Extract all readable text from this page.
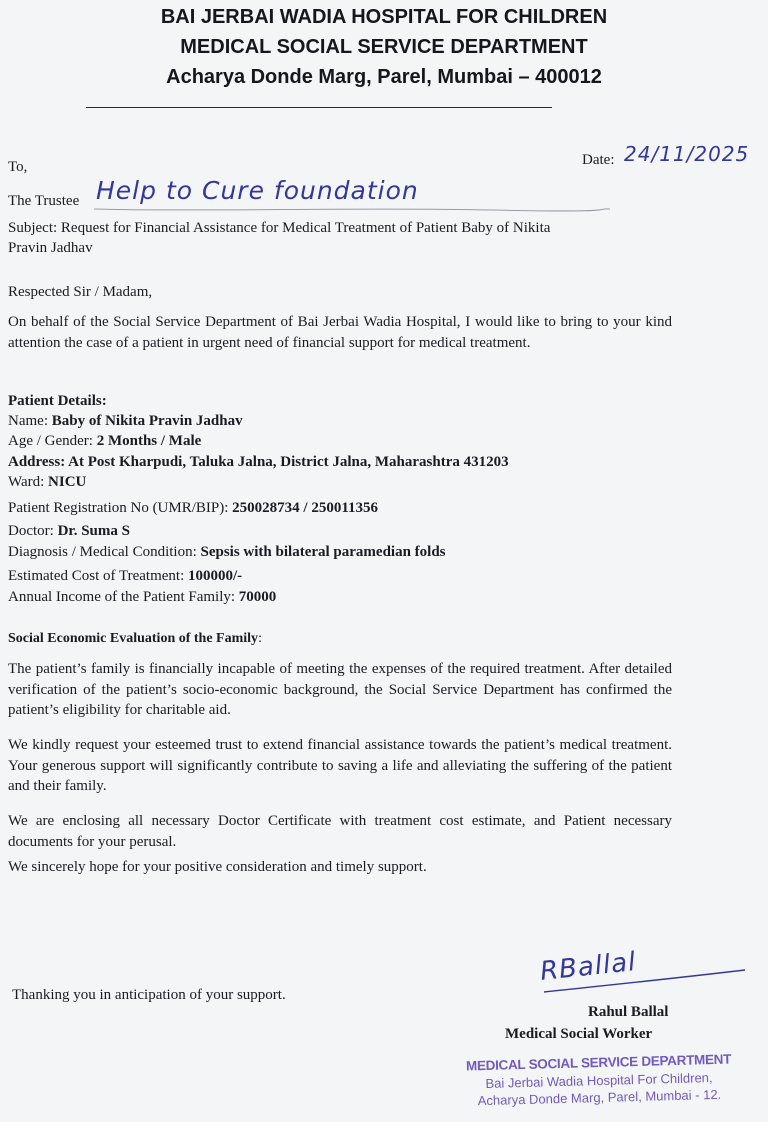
BAI JERBAI WADIA HOSPITAL FOR CHILDREN
MEDICAL SOCIAL SERVICE DEPARTMENT
Acharya Donde Marg, Parel, Mumbai – 400012
To,	Date: 24/11/2025
The Trustee Help to Cure foundation
Subject: Request for Financial Assistance for Medical Treatment of Patient Baby of Nikita
Pravin Jadhav
Respected Sir / Madam,
On behalf of the Social Service Department of Bai Jerbai Wadia Hospital, I would like to bring to your kind attention the case of a patient in urgent need of financial support for medical treatment.
Patient Details:
Name: Baby of Nikita Pravin Jadhav
Age / Gender: 2 Months / Male
Address: At Post Kharpudi, Taluka Jalna, District Jalna, Maharashtra 431203
Ward: NICU
Patient Registration No (UMR/BIP): 250028734 / 250011356
Doctor: Dr. Suma S
Diagnosis / Medical Condition: Sepsis with bilateral paramedian folds
Estimated Cost of Treatment: 100000/-
Annual Income of the Patient Family: 70000
Social Economic Evaluation of the Family:
The patient’s family is financially incapable of meeting the expenses of the required treatment. After detailed verification of the patient’s socio-economic background, the Social Service Department has confirmed the patient’s eligibility for charitable aid.
We kindly request your esteemed trust to extend financial assistance towards the patient’s medical treatment. Your generous support will significantly contribute to saving a life and alleviating the suffering of the patient and their family.
We are enclosing all necessary Doctor Certificate with treatment cost estimate, and Patient necessary documents for your perusal.
We sincerely hope for your positive consideration and timely support.
Thanking you in anticipation of your support.
RBallal
Rahul Ballal
Medical Social Worker
MEDICAL SOCIAL SERVICE DEPARTMENT
Bai Jerbai Wadia Hospital For Children,
Acharya Donde Marg, Parel, Mumbai - 12.
